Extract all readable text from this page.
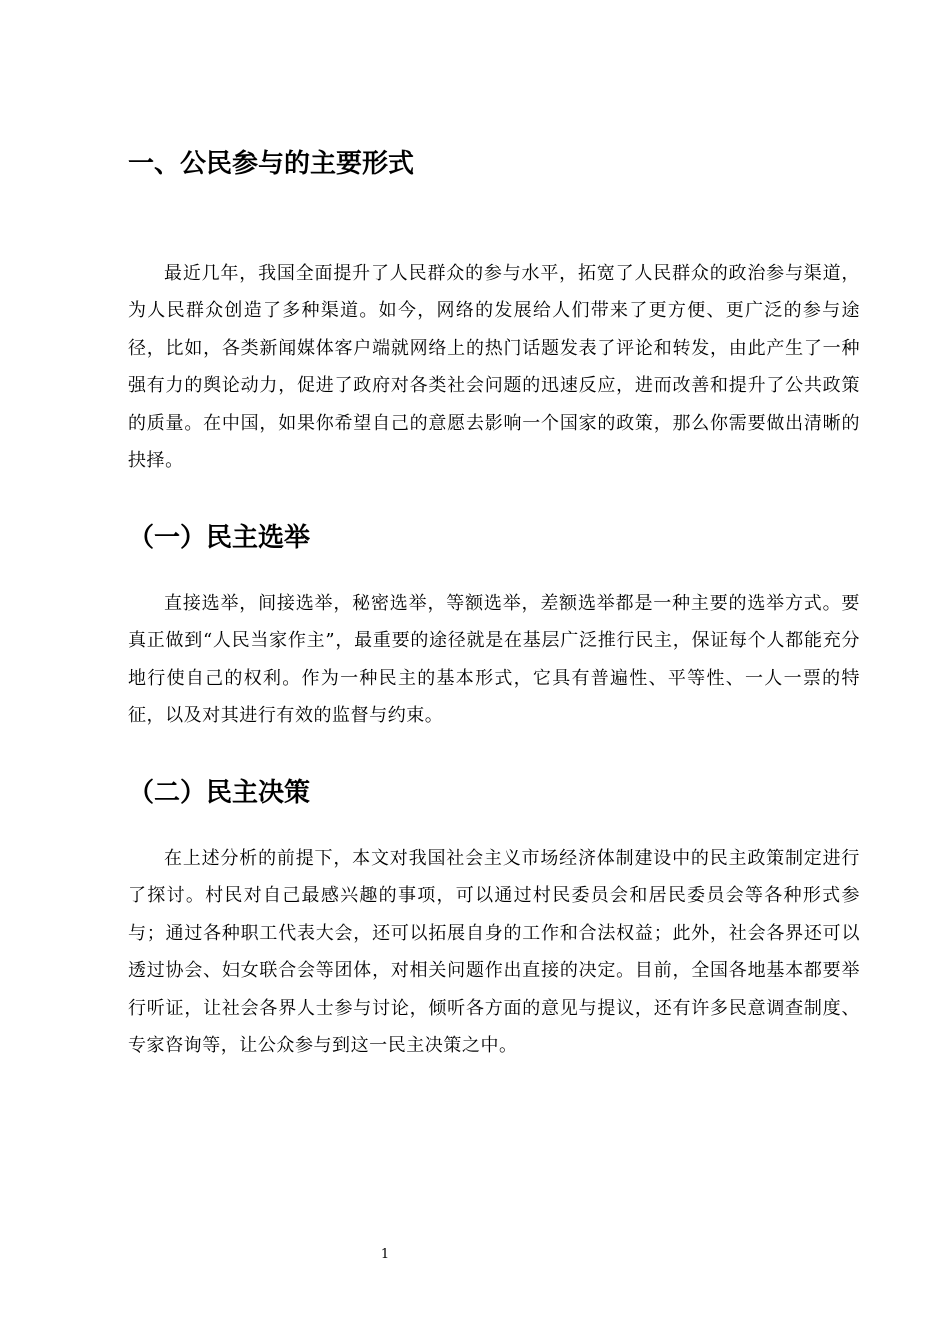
一、公民参与的主要形式

最近几年，我国全面提升了人民群众的参与水平，拓宽了人民群众的政治参与渠道，为人民群众创造了多种渠道。如今，网络的发展给人们带来了更方便、更广泛的参与途径，比如，各类新闻媒体客户端就网络上的热门话题发表了评论和转发，由此产生了一种强有力的舆论动力，促进了政府对各类社会问题的迅速反应，进而改善和提升了公共政策的质量。在中国，如果你希望自己的意愿去影响一个国家的政策，那么你需要做出清晰的抉择。

（一）民主选举

直接选举，间接选举，秘密选举，等额选举，差额选举都是一种主要的选举方式。要真正做到“人民当家作主”，最重要的途径就是在基层广泛推行民主，保证每个人都能充分地行使自己的权利。作为一种民主的基本形式，它具有普遍性、平等性、一人一票的特征，以及对其进行有效的监督与约束。

（二）民主决策

在上述分析的前提下，本文对我国社会主义市场经济体制建设中的民主政策制定进行了探讨。村民对自己最感兴趣的事项，可以通过村民委员会和居民委员会等各种形式参与；通过各种职工代表大会，还可以拓展自身的工作和合法权益；此外，社会各界还可以透过协会、妇女联合会等团体，对相关问题作出直接的决定。目前，全国各地基本都要举行听证，让社会各界人士参与讨论，倾听各方面的意见与提议，还有许多民意调查制度、专家咨询等，让公众参与到这一民主决策之中。

1
